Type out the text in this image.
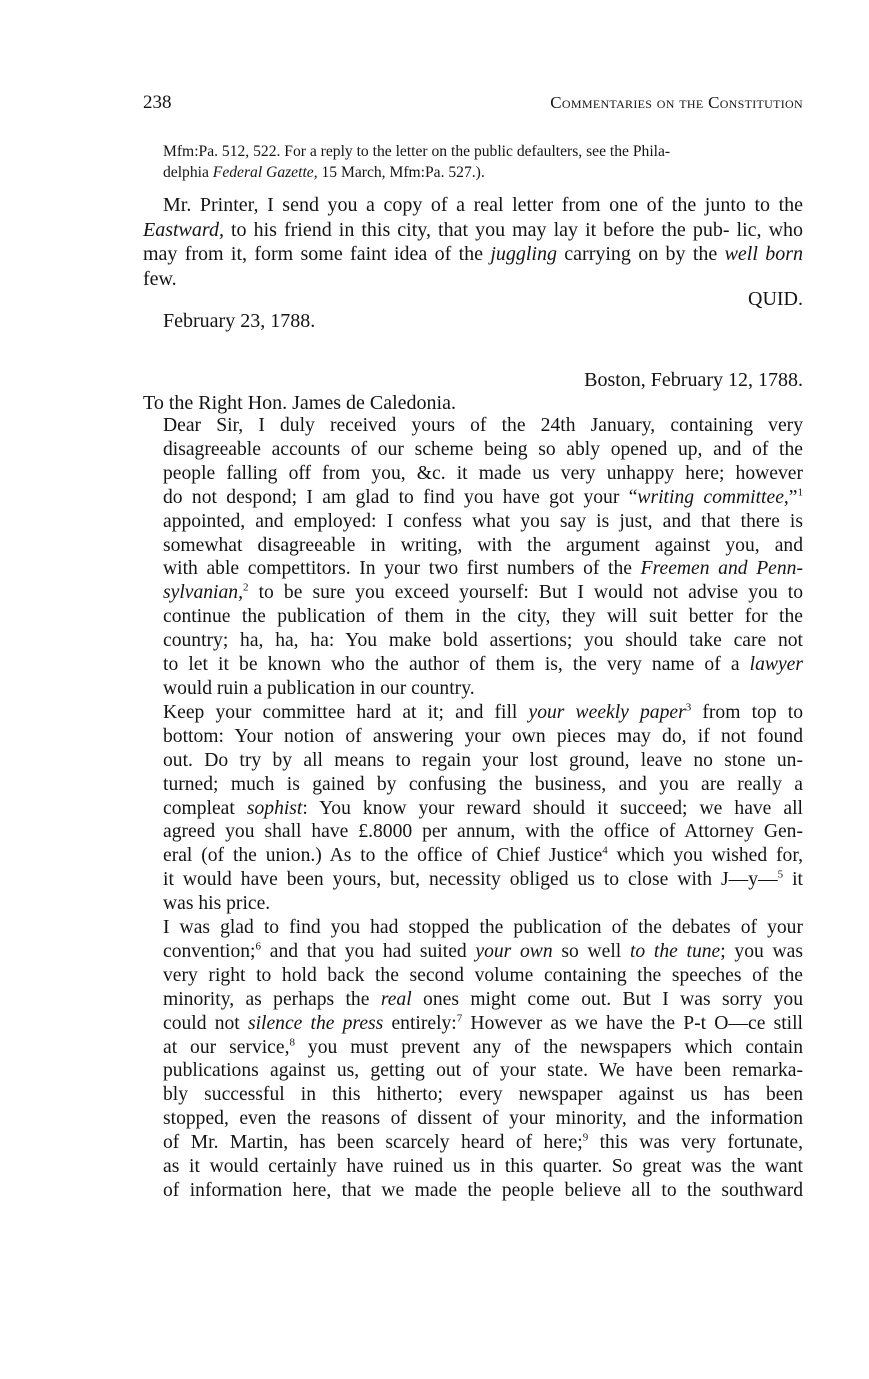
238	Commentaries on the Constitution
Mfm:Pa. 512, 522. For a reply to the letter on the public defaulters, see the Phila-
delphia Federal Gazette, 15 March, Mfm:Pa. 527.).
Mr. Printer, I send you a copy of a real letter from one of the junto to the Eastward, to his friend in this city, that you may lay it before the pub- lic, who may from it, form some faint idea of the juggling carrying on by the well born few.
QUID.
February 23, 1788.
Boston, February 12, 1788.
To the Right Hon. James de Caledonia.

Dear Sir, I duly received yours of the 24th January, containing very
disagreeable accounts of our scheme being so ably opened up, and of the
people falling off from you, &c. it made us very unhappy here; however
do not despond; I am glad to find you have got your “writing committee,”$^1$
appointed, and employed: I confess what you say is just, and that there is
somewhat disagreeable in writing, with the argument against you, and
with able compettitors. In your two first numbers of the Freemen and Penn-
sylvanian,$^2$ to be sure you exceed yourself: But I would not advise you to
continue the publication of them in the city, they will suit better for the
country; ha, ha, ha: You make bold assertions; you should take care not
to let it be known who the author of them is, the very name of a lawyer
would ruin a publication in our country.

Keep your committee hard at it; and fill your weekly paper$^3$ from top to
bottom: Your notion of answering your own pieces may do, if not found
out. Do try by all means to regain your lost ground, leave no stone un-
turned; much is gained by confusing the business, and you are really a
compleat sophist: You know your reward should it succeed; we have all
agreed you shall have £.8000 per annum, with the office of Attorney Gen-
eral (of the union.) As to the office of Chief Justice$^4$ which you wished for,
it would have been yours, but, necessity obliged us to close with J—y—$^5$ it
was his price.

I was glad to find you had stopped the publication of the debates of your
convention;$^6$ and that you had suited your own so well to the tune; you was
very right to hold back the second volume containing the speeches of the
minority, as perhaps the real ones might come out. But I was sorry you
could not silence the press entirely:$^7$ However as we have the P-t O—ce still
at our service,$^8$ you must prevent any of the newspapers which contain
publications against us, getting out of your state. We have been remarka-
bly successful in this hitherto; every newspaper against us has been
stopped, even the reasons of dissent of your minority, and the information
of Mr. Martin, has been scarcely heard of here;$^9$ this was very fortunate,
as it would certainly have ruined us in this quarter. So great was the want
of information here, that we made the people believe all to the southward
